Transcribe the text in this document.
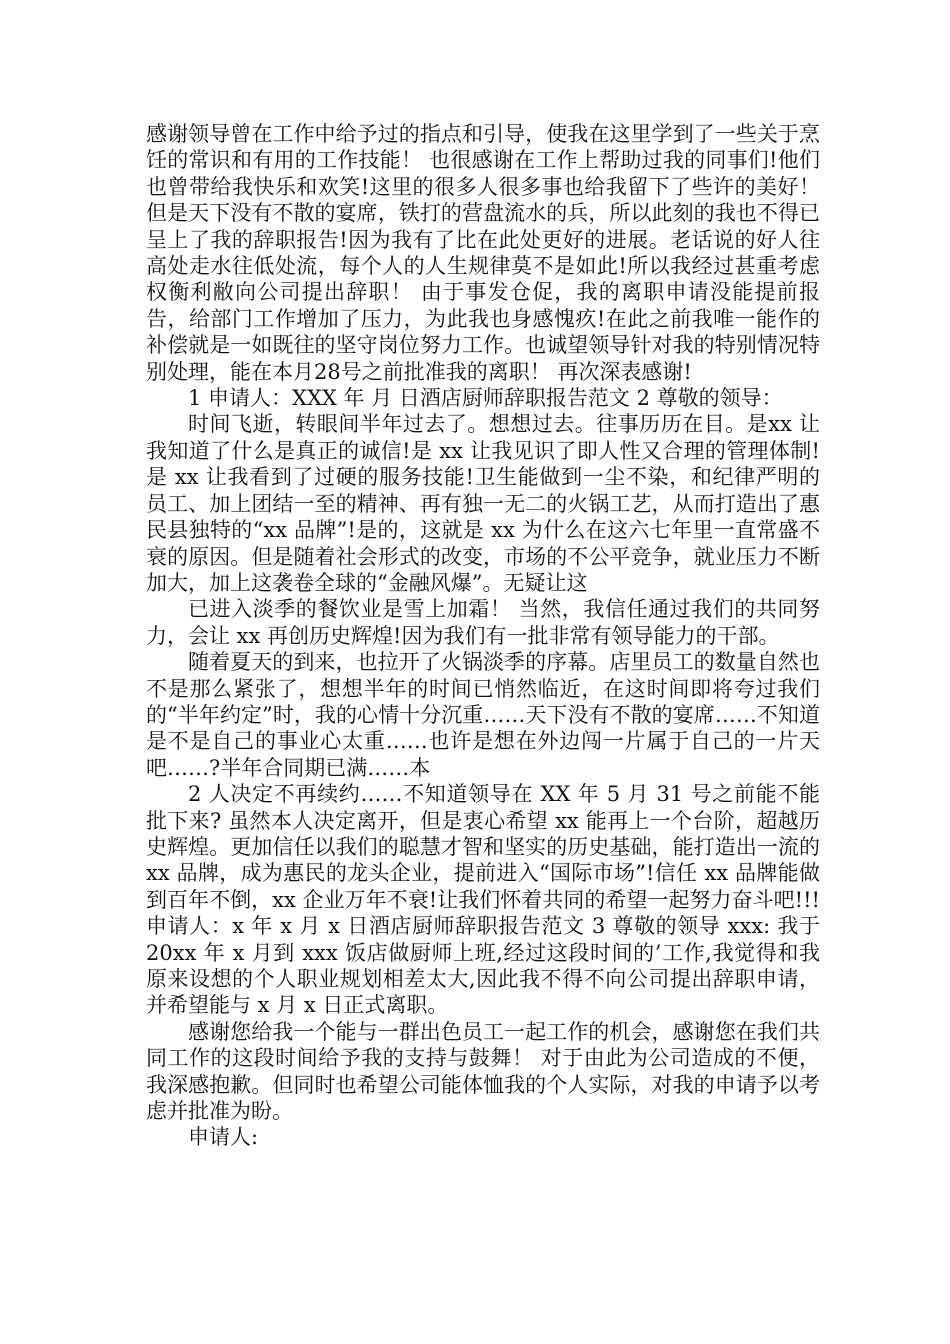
感谢领导曾在工作中给予过的指点和引导，使我在这里学到了一些关于烹饪的常识和有用的工作技能！ 也很感谢在工作上帮助过我的同事们!他们也曾带给我快乐和欢笑!这里的很多人很多事也给我留下了些许的美好！ 但是天下没有不散的宴席，铁打的营盘流水的兵，所以此刻的我也不得已呈上了我的辞职报告!因为我有了比在此处更好的进展。老话说的好人往高处走水往低处流，每个人的人生规律莫不是如此!所以我经过甚重考虑权衡利敝向公司提出辞职！ 由于事发仓促，我的离职申请没能提前报告，给部门工作增加了压力，为此我也身感愧疚!在此之前我唯一能作的补偿就是一如既往的坚守岗位努力工作。也诚望领导针对我的特别情况特别处理，能在本月28号之前批准我的离职！ 再次深表感谢!

1 申请人：XXX 年 月 日酒店厨师辞职报告范文 2 尊敬的领导：

时间飞逝，转眼间半年过去了。想想过去。往事历历在目。是xx 让我知道了什么是真正的诚信!是 xx 让我见识了即人性又合理的管理体制!是 xx 让我看到了过硬的服务技能!卫生能做到一尘不染，和纪律严明的员工、加上团结一至的精神、再有独一无二的火锅工艺，从而打造出了惠民县独特的“xx 品牌”!是的，这就是 xx 为什么在这六七年里一直常盛不衰的原因。但是随着社会形式的改变，市场的不公平竞争，就业压力不断加大，加上这袭卷全球的“金融风爆”。无疑让这

已进入淡季的餐饮业是雪上加霜！ 当然，我信任通过我们的共同努力，会让 xx 再创历史辉煌!因为我们有一批非常有领导能力的干部。

随着夏天的到来，也拉开了火锅淡季的序幕。店里员工的数量自然也不是那么紧张了，想想半年的时间已悄然临近，在这时间即将夸过我们的“半年约定”时，我的心情十分沉重……天下没有不散的宴席……不知道是不是自己的事业心太重……也许是想在外边闯一片属于自己的一片天吧……?半年合同期已满……本

2 人决定不再续约……不知道领导在 XX 年 5 月 31 号之前能不能批下来? 虽然本人决定离开，但是衷心希望 xx 能再上一个台阶，超越历史辉煌。更加信任以我们的聪慧才智和坚实的历史基础，能打造出一流的 xx 品牌，成为惠民的龙头企业，提前进入“国际市场”!信任 xx 品牌能做到百年不倒，xx 企业万年不衰!让我们怀着共同的希望一起努力奋斗吧!!! 申请人：x 年 x 月 x 日酒店厨师辞职报告范文 3 尊敬的领导 xxx: 我于 20xx 年 x 月到 xxx 饭店做厨师上班,经过这段时间的’工作,我觉得和我原来设想的个人职业规划相差太大,因此我不得不向公司提出辞职申请，并希望能与 x 月 x 日正式离职。

感谢您给我一个能与一群出色员工一起工作的机会，感谢您在我们共同工作的这段时间给予我的支持与鼓舞！ 对于由此为公司造成的不便，我深感抱歉。但同时也希望公司能体恤我的个人实际，对我的申请予以考虑并批准为盼。

申请人:
